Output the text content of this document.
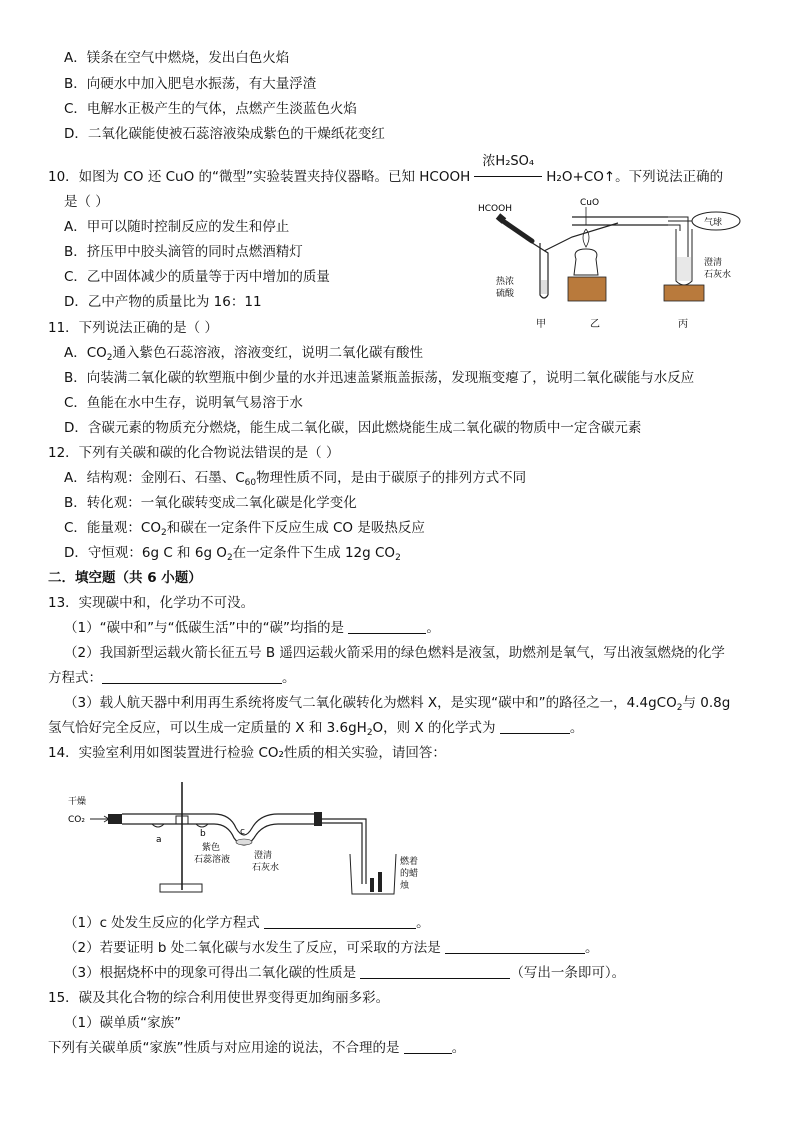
A．镁条在空气中燃烧，发出白色火焰
B．向硬水中加入肥皂水振荡，有大量浮渣
C．电解水正极产生的气体，点燃产生淡蓝色火焰
D．二氧化碳能使被石蕊溶液染成紫色的干燥纸花变红
10．如图为 CO 还 CuO 的“微型”实验装置夹持仪器略。已知 HCOOH
浓H₂SO₄
H₂O+CO↑。下列说法正确的
是（ ）
A．甲可以随时控制反应的发生和停止
B．挤压甲中胶头滴管的同时点燃酒精灯
C．乙中固体减少的质量等于丙中增加的质量
D．乙中产物的质量比为 16：11
HCOOH
热浓
硫酸
CuO
澄清
石灰水
气球
甲	乙	丙
11．下列说法正确的是（ ）
A．$CO_2$通入紫色石蕊溶液，溶液变红，说明二氧化碳有酸性
B．向装满二氧化碳的软塑瓶中倒少量的水并迅速盖紧瓶盖振荡，发现瓶变瘪了，说明二氧化碳能与水反应
C．鱼能在水中生存，说明氧气易溶于水
D．含碳元素的物质充分燃烧，能生成二氧化碳，因此燃烧能生成二氧化碳的物质中一定含碳元素
12．下列有关碳和碳的化合物说法错误的是（ ）
A．结构观：金刚石、石墨、$C_{60}$物理性质不同，是由于碳原子的排列方式不同
B．转化观：一氧化碳转变成二氧化碳是化学变化
C．能量观：$CO_2$和碳在一定条件下反应生成 CO 是吸热反应
D．守恒观：6g C 和 6g $O_2$在一定条件下生成 12g $CO_2$
二．填空题（共 6 小题）
13．实现碳中和，化学功不可没。
（1）“碳中和”与“低碳生活”中的“碳”均指的是	。
（2）我国新型运载火箭长征五号 B 遥四运载火箭采用的绿色燃料是液氢，助燃剂是氧气，写出液氢燃烧的化学
方程式：	。
（3）载人航天器中利用再生系统将废气二氧化碳转化为燃料 X，是实现“碳中和”的路径之一，4.4gCO$_2$与 0.8g
氢气恰好完全反应，可以生成一定质量的 X 和 $3.6gH_2O$，则 X 的化学式为	。
14．实验室利用如图装置进行检验 CO₂性质的相关实验，请回答：
干燥
CO₂
燃着
的蜡
烛
a
b	c
紫色
石蕊溶液	澄清
石灰水
（1）c 处发生反应的化学方程式	。
（2）若要证明 b 处二氧化碳与水发生了反应，可采取的方法是	。
（3）根据烧杯中的现象可得出二氧化碳的性质是	（写出一条即可）。
15．碳及其化合物的综合利用使世界变得更加绚丽多彩。
（1）碳单质“家族”
下列有关碳单质“家族”性质与对应用途的说法，不合理的是	。
